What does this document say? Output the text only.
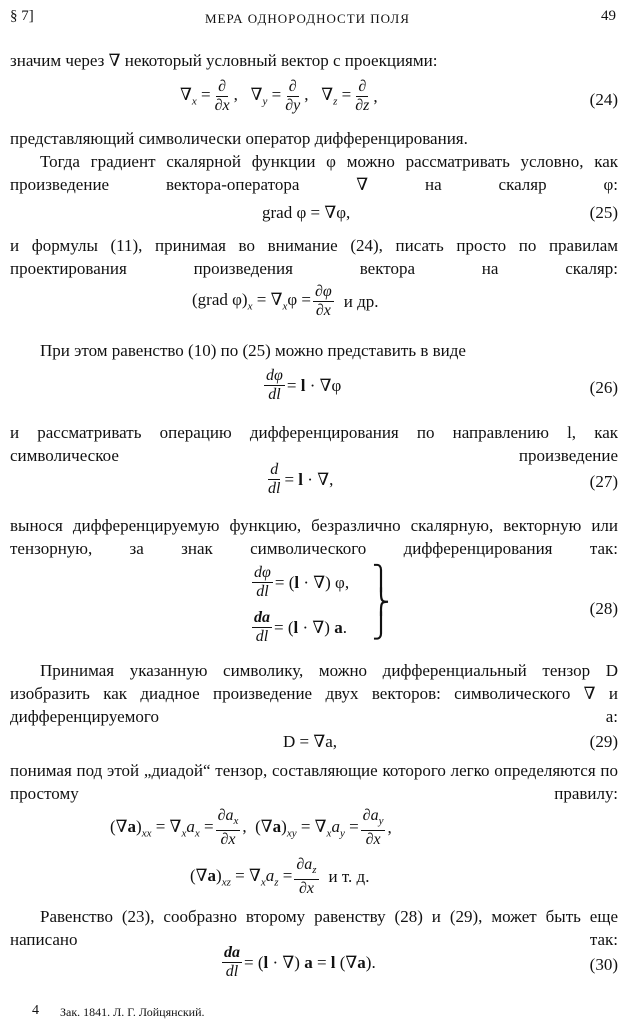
§ 7]	МЕРА ОДНОРОДНОСТИ ПОЛЯ	49
значим через ∇ некоторый условный вектор с проекциями:
$\nabla_x = \frac{\partial}{\partial x}$ ,   $\nabla_y = \frac{\partial}{\partial y}$ ,   $\nabla_z = \frac{\partial}{\partial z}$ ,	(24)
представляющий символически оператор дифференцирования.
Тогда градиент скалярной функции φ можно рассматривать условно, как произведение вектора-оператора ∇ на скаляр φ:
grad φ = ∇φ,	(25)
и формулы (11), принимая во внимание (24), писать просто по правилам проектирования произведения вектора на скаляр:
(grad $\varphi)_x = \nabla_x\varphi = \frac{\partial\varphi}{\partial x}$ и др.
При этом равенство (10) по (25) можно представить в виде
$\frac{d\varphi}{dl} = l \cdot \nabla\varphi$	(26)
и рассматривать операцию дифференцирования по направлению l, как символическое произведение
$\frac{d}{dl} = l$ · ∇,	(27)
вынося дифференцируемую функцию, безразлично скалярную, векторную или тензорную, за знак символического дифференцирования так:
$\frac{d\varphi}{dl} = (l$ · ∇) φ,
$\frac{da}{dl} = (l$ · ∇) a.
⎫
⎬
⎭
(28)
Принимая указанную символику, можно дифференциальный тензор D изобразить как диадное произведение двух векторов: символического ∇ и дифференцируемого a:
D = ∇a,	(29)
понимая под этой „диадой“ тензор, составляющие которого легко определяются по простому правилу:
$(\nabla a)_{xx} = \nabla_xa_x = \frac{\partial a_x}{\partial x}$ ,  $(\nabla a)_{xy} = \nabla_xa_y = \frac{\partial a_y}{\partial x}$ ,
$(\nabla a)_{xz} = \nabla_xa_z = \frac{\partial a_z}{\partial x}$ и т. д.
Равенство (23), сообразно второму равенству (28) и (29), может быть еще написано так:
$\frac{da}{dl} = (l$ · ∇) a = l (∇a).	(30)
4 Зак. 1841. Л. Г. Лойцянский.
